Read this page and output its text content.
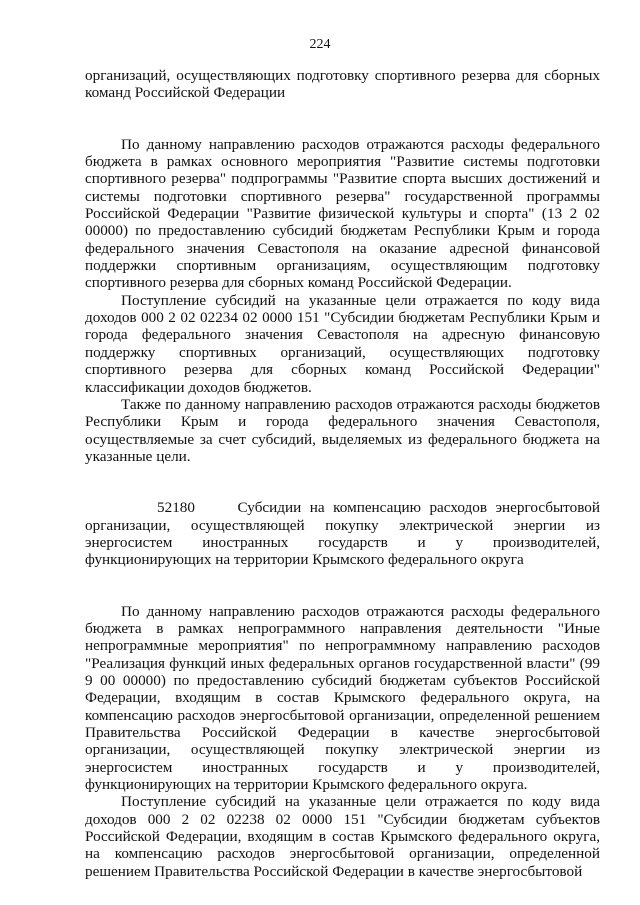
224

организаций, осуществляющих подготовку спортивного резерва для сборных команд Российской Федерации

По данному направлению расходов отражаются расходы федерального бюджета в рамках основного мероприятия "Развитие системы подготовки спортивного резерва" подпрограммы "Развитие спорта высших достижений и системы подготовки спортивного резерва" государственной программы Российской Федерации "Развитие физической культуры и спорта" (13 2 02 00000) по предоставлению субсидий бюджетам Республики Крым и города федерального значения Севастополя на оказание адресной финансовой поддержки спортивным организациям, осуществляющим подготовку спортивного резерва для сборных команд Российской Федерации.

Поступление субсидий на указанные цели отражается по коду вида доходов 000 2 02 02234 02 0000 151 "Субсидии бюджетам Республики Крым и города федерального значения Севастополя на адресную финансовую поддержку спортивных организаций, осуществляющих подготовку спортивного резерва для сборных команд Российской Федерации" классификации доходов бюджетов.

Также по данному направлению расходов отражаются расходы бюджетов Республики Крым и города федерального значения Севастополя, осуществляемые за счет субсидий, выделяемых из федерального бюджета на указанные цели.

52180	Субсидии на компенсацию расходов энергосбытовой организации, осуществляющей покупку электрической энергии из энергосистем иностранных государств и у производителей, функционирующих на территории Крымского федерального округа

По данному направлению расходов отражаются расходы федерального бюджета в рамках непрограммного направления деятельности "Иные непрограммные мероприятия" по непрограммному направлению расходов "Реализация функций иных федеральных органов государственной власти" (99 9 00 00000) по предоставлению субсидий бюджетам субъектов Российской Федерации, входящим в состав Крымского федерального округа, на компенсацию расходов энергосбытовой организации, определенной решением Правительства Российской Федерации в качестве энергосбытовой организации, осуществляющей покупку электрической энергии из энергосистем иностранных государств и у производителей, функционирующих на территории Крымского федерального округа.

Поступление субсидий на указанные цели отражается по коду вида доходов 000 2 02 02238 02 0000 151 "Субсидии бюджетам субъектов Российской Федерации, входящим в состав Крымского федерального округа, на компенсацию расходов энергосбытовой организации, определенной решением Правительства Российской Федерации в качестве энергосбытовой
